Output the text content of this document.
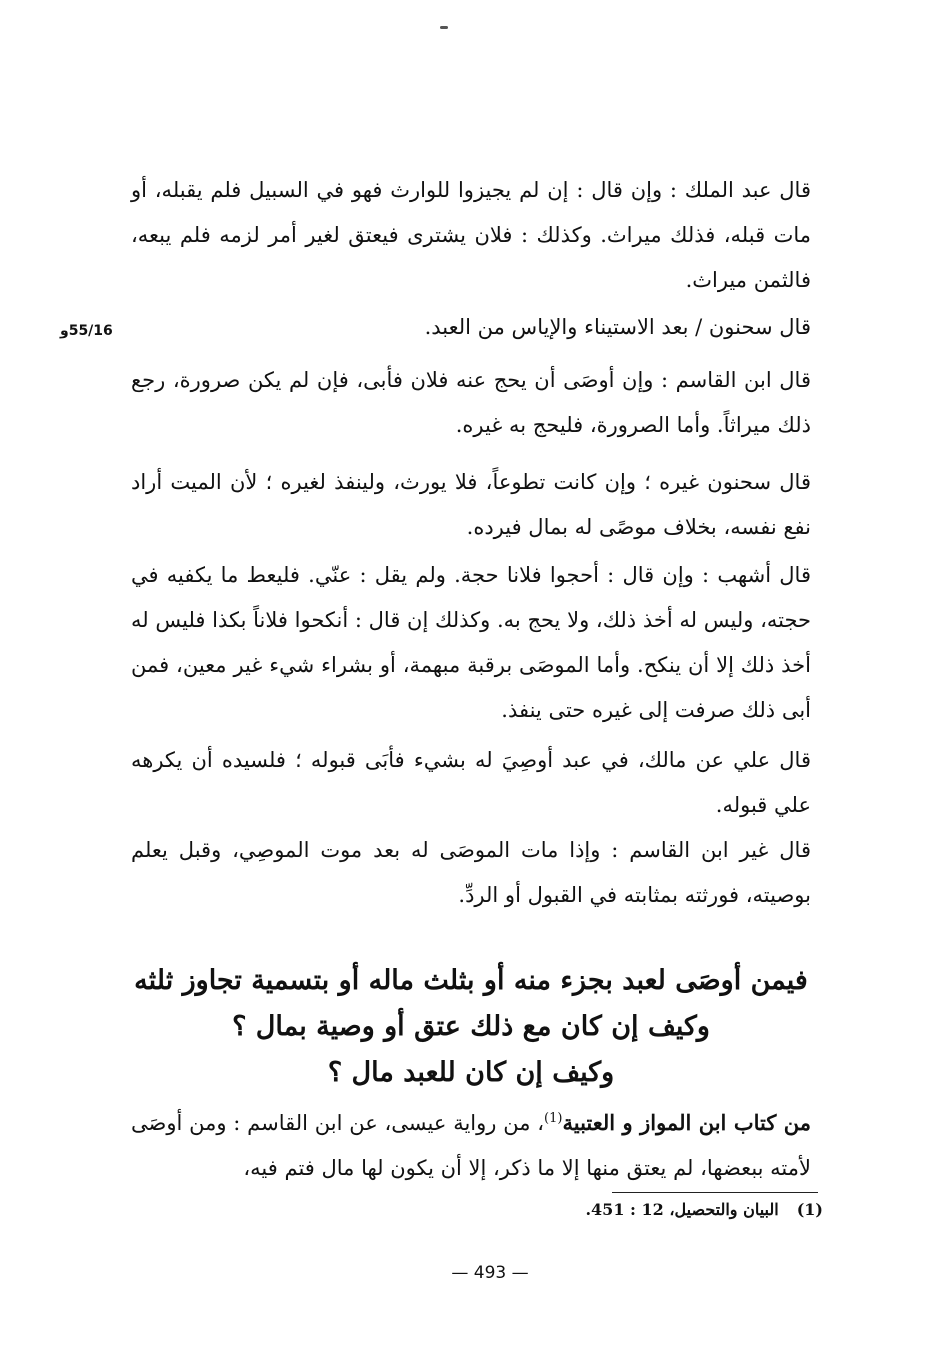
قال عبد الملك : وإن قال : إن لم يجيزوا للوارث فهو في السبيل فلم يقبله، أو مات قبله، فذلك ميراث. وكذلك : فلان يشترى فيعتق لغير أمر لزمه فلم يبعه، فالثمن ميراث.

قال سحنون / بعد الاستيناء والإياس من العبد.

55/16و

قال ابن القاسم : وإن أوصَى أن يحج عنه فلان فأبى، فإن لم يكن صرورة، رجع ذلك ميراثاً. وأما الصرورة، فليحج به غيره.

قال سحنون غيره ؛ وإن كانت تطوعاً، فلا يورث، ولينفذ لغيره ؛ لأن الميت أراد نفع نفسه، بخلاف موصًى له بمال فيرده.

قال أشهب : وإن قال : أحجوا فلانا حجة. ولم يقل : عنّي. فليعط ما يكفيه في حجته، وليس له أخذ ذلك، ولا يحج به. وكذلك إن قال : أنكحوا فلاناً بكذا فليس له أخذ ذلك إلا أن ينكح. وأما الموصَى برقبة مبهمة، أو بشراء شيء غير معين، فمن أبى ذلك صرفت إلى غيره حتى ينفذ.

قال علي عن مالك، في عبد أوصِيَ له بشيء فأبَى قبوله ؛ فلسيده أن يكرهه علي قبوله.

قال غير ابن القاسم : وإذا مات الموصَى له بعد موت الموصِي، وقبل يعلم بوصيته، فورثته بمثابته في القبول أو الردِّ.

فيمن أوصَى لعبد بجزء منه أو بثلث ماله أو بتسمية تجاوز ثلثه
وكيف إن كان مع ذلك عتق أو وصية بمال ؟
وكيف إن كان للعبد مال ؟

من كتاب ابن المواز و العتبية$^{(1)}$، من رواية عيسى، عن ابن القاسم : ومن أوصَى لأمته ببعضها، لم يعتق منها إلا ما ذكر، إلا أن يكون لها مال فتم فيه،

(1)البيان والتحصيل، 12 : 451.

— 493 —
